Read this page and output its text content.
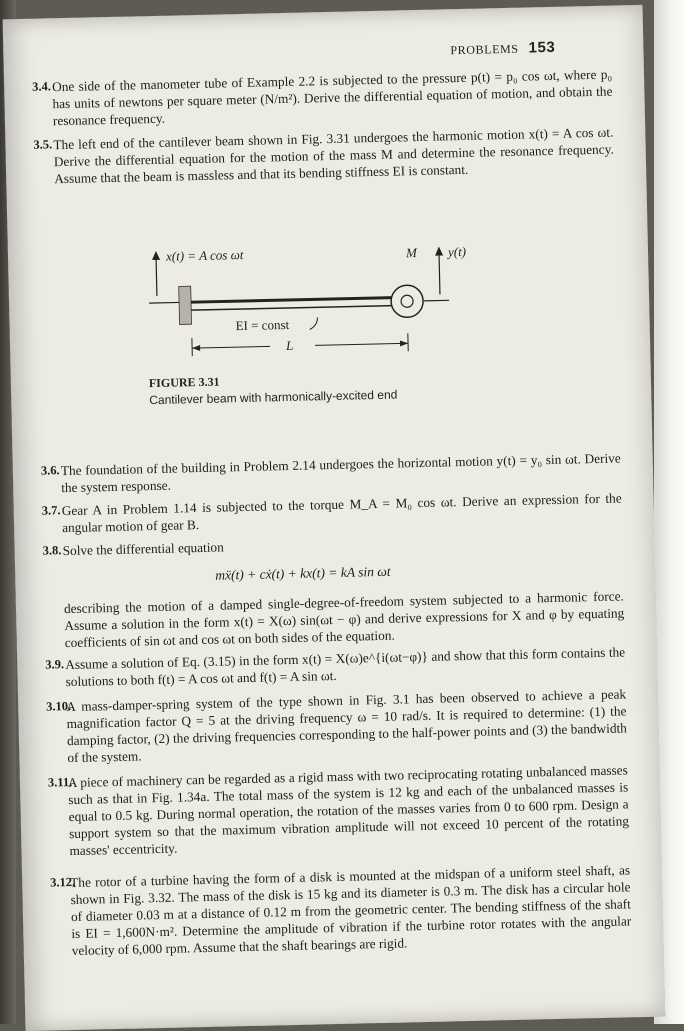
PROBLEMS 153
3.4. One side of the manometer tube of Example 2.2 is subjected to the pressure p(t) = p₀ cos ωt, where p₀ has units of newtons per square meter (N/m²). Derive the differential equation of motion, and obtain the resonance frequency.
3.5. The left end of the cantilever beam shown in Fig. 3.31 undergoes the harmonic motion x(t) = A cos ωt. Derive the differential equation for the motion of the mass M and determine the resonance frequency. Assume that the beam is massless and that its bending stiffness EI is constant.
x(t) = A cos ωt	M y(t)
EI = const
L
FIGURE 3.31
Cantilever beam with harmonically-excited end
3.6. The foundation of the building in Problem 2.14 undergoes the horizontal motion y(t) = y₀ sin ωt. Derive the system response.
3.7. Gear A in Problem 1.14 is subjected to the torque M_A = M₀ cos ωt. Derive an expression for the angular motion of gear B.
3.8. Solve the differential equation
mẍ(t) + cẋ(t) + kx(t) = kA sin ωt
describing the motion of a damped single-degree-of-freedom system subjected to a harmonic force. Assume a solution in the form x(t) = X(ω) sin(ωt − φ) and derive expressions for X and φ by equating coefficients of sin ωt and cos ωt on both sides of the equation.
3.9. Assume a solution of Eq. (3.15) in the form x(t) = X(ω)e^{i(ωt−φ)} and show that this form contains the solutions to both f(t) = A cos ωt and f(t) = A sin ωt.
3.10.
A mass-damper-spring system of the type shown in Fig. 3.1 has been observed to achieve a peak magnification factor Q = 5 at the driving frequency ω = 10 rad/s. It is required to determine: (1) the damping factor, (2) the driving frequencies corresponding to the half-power points and (3) the bandwidth of the system.
3.11.
A piece of machinery can be regarded as a rigid mass with two reciprocating rotating unbalanced masses such as that in Fig. 1.34a. The total mass of the system is 12 kg and each of the unbalanced masses is equal to 0.5 kg. During normal operation, the rotation of the masses varies from 0 to 600 rpm. Design a support system so that the maximum vibration amplitude will not exceed 10 percent of the rotating masses' eccentricity.
3.12.
The rotor of a turbine having the form of a disk is mounted at the midspan of a uniform steel shaft, as shown in Fig. 3.32. The mass of the disk is 15 kg and its diameter is 0.3 m. The disk has a circular hole of diameter 0.03 m at a distance of 0.12 m from the geometric center. The bending stiffness of the shaft is EI = 1,600N·m². Determine the amplitude of vibration if the turbine rotor rotates with the angular velocity of 6,000 rpm. Assume that the shaft bearings are rigid.
